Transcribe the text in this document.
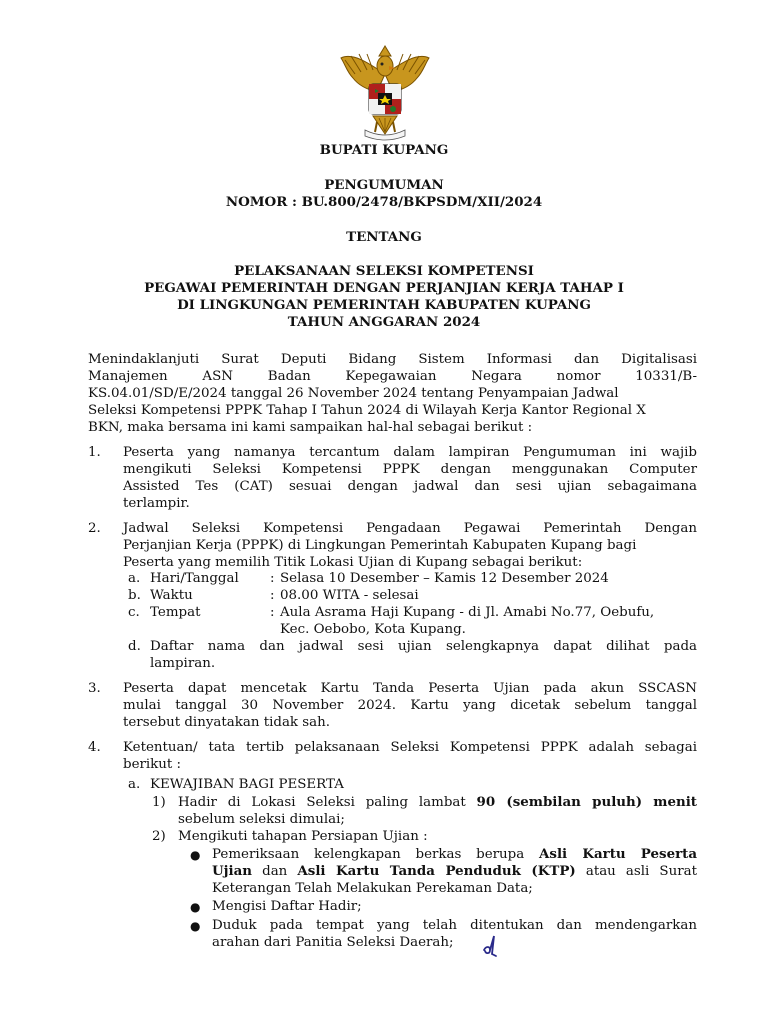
BUPATI KUPANG
PENGUMUMAN
NOMOR : BU.800/2478/BKPSDM/XII/2024
TENTANG
PELAKSANAAN SELEKSI KOMPETENSI
PEGAWAI PEMERINTAH DENGAN PERJANJIAN KERJA TAHAP I
DI LINGKUNGAN PEMERINTAH KABUPATEN KUPANG
TAHUN ANGGARAN 2024
Menindaklanjuti Surat Deputi Bidang Sistem Informasi dan Digitalisasi
Manajemen ASN Badan Kepegawaian Negara nomor 10331/B-
KS.04.01/SD/E/2024 tanggal 26 November 2024 tentang Penyampaian Jadwal
Seleksi Kompetensi PPPK Tahap I Tahun 2024 di Wilayah Kerja Kantor Regional X
BKN, maka bersama ini kami sampaikan hal-hal sebagai berikut :
1. Peserta yang namanya tercantum dalam lampiran Pengumuman ini wajib
mengikuti Seleksi Kompetensi PPPK dengan menggunakan Computer
Assisted Tes (CAT) sesuai dengan jadwal dan sesi ujian sebagaimana
terlampir.
2. Jadwal Seleksi Kompetensi Pengadaan Pegawai Pemerintah Dengan
Perjanjian Kerja (PPPK) di Lingkungan Pemerintah Kabupaten Kupang bagi
Peserta yang memilih Titik Lokasi Ujian di Kupang sebagai berikut:
a. Hari/Tanggal : Selasa 10 Desember – Kamis 12 Desember 2024
b. Waktu	: 08.00 WITA - selesai
c. Tempat	: Aula Asrama Haji Kupang - di Jl. Amabi No.77, Oebufu,
Kec. Oebobo, Kota Kupang.
d. Daftar nama dan jadwal sesi ujian selengkapnya dapat dilihat pada
lampiran.
3. Peserta dapat mencetak Kartu Tanda Peserta Ujian pada akun SSCASN
mulai tanggal 30 November 2024. Kartu yang dicetak sebelum tanggal
tersebut dinyatakan tidak sah.
4. Ketentuan/ tata tertib pelaksanaan Seleksi Kompetensi PPPK adalah sebagai
berikut :
a. KEWAJIBAN BAGI PESERTA
1) Hadir di Lokasi Seleksi paling lambat 90 (sembilan puluh) menit
sebelum seleksi dimulai;
2) Mengikuti tahapan Persiapan Ujian :
● Pemeriksaan kelengkapan berkas berupa Asli Kartu Peserta
Ujian dan Asli Kartu Tanda Penduduk (KTP) atau asli Surat
Keterangan Telah Melakukan Perekaman Data;
● Mengisi Daftar Hadir;
● Duduk pada tempat yang telah ditentukan dan mendengarkan
arahan dari Panitia Seleksi Daerah;
